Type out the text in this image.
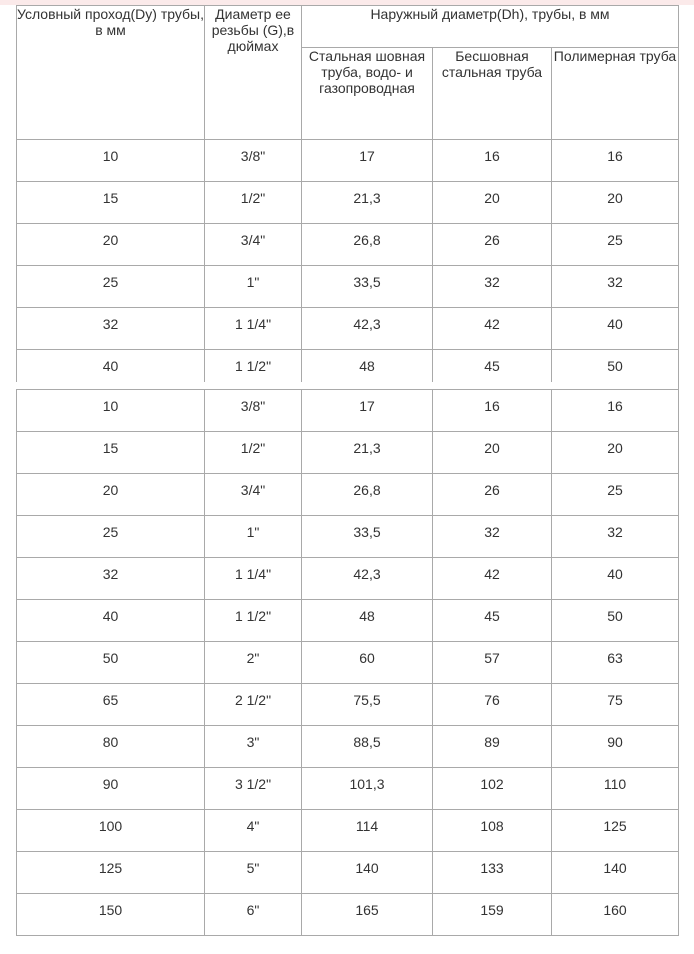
Условный проход(Dy) трубы, в мм	Диаметр ее резьбы (G),в дюймах	Наружный диаметр(Dh), трубы, в мм		
		Стальная шовная труба, водо- и газопроводная	Бесшовная стальная труба	Полимерная труба
10	3/8"	17	16	16
15	1/2"	21,3	20	20
20	3/4"	26,8	26	25
25	1"	33,5	32	32
32	1 1/4"	42,3	42	40
40	1 1/2"	48	45	50
10	3/8"	17	16	16
15	1/2"	21,3	20	20
20	3/4"	26,8	26	25
25	1"	33,5	32	32
32	1 1/4"	42,3	42	40
40	1 1/2"	48	45	50
50	2"	60	57	63
65	2 1/2"	75,5	76	75
80	3"	88,5	89	90
90	3 1/2"	101,3	102	110
100	4"	114	108	125
125	5"	140	133	140
150	6"	165	159	160
